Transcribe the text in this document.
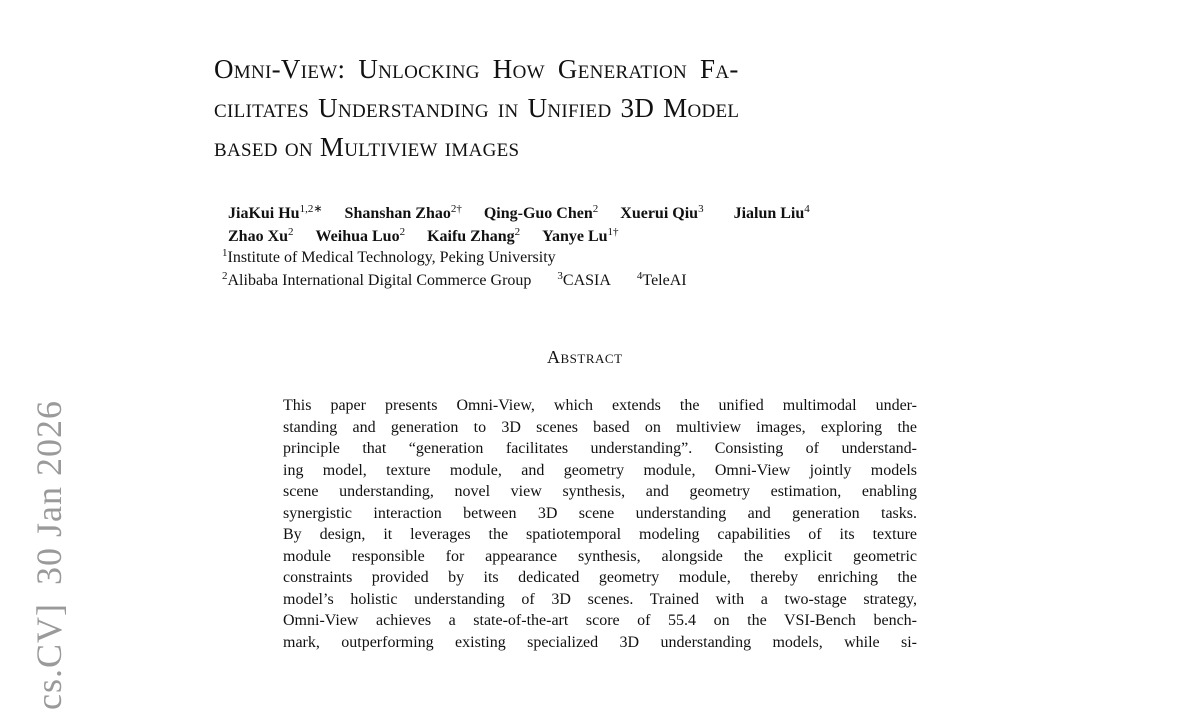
cs.CV]30 Jan 2026
Omni-View: Unlocking How Generation Fa-
cilitates Understanding in Unified 3D Model
based on Multiview images
JiaKui $Hu^{1,2∗}$ Shanshan Zhao$^{2\dagger}$ Qing-Guo Chen$^2$ Xuerui Qiu$^3$ Jialun Liu$^4$
Zhao Xu$^2$ Weihua Luo$^2$ Kaifu Zhang$^2$ Yanye $Lu^{1\dagger}$
$^1$Institute of Medical Technology, Peking University
$^2$Alibaba International Digital Commerce Group $^3$CASIA $^4$TeleAI
Abstract
This paper presents Omni-View, which extends the unified multimodal under-
standing and generation to 3D scenes based on multiview images, exploring the
principle that “generation facilitates understanding”. Consisting of understand-
ing model, texture module, and geometry module, Omni-View jointly models
scene understanding, novel view synthesis, and geometry estimation, enabling
synergistic interaction between 3D scene understanding and generation tasks.
By design, it leverages the spatiotemporal modeling capabilities of its texture
module responsible for appearance synthesis, alongside the explicit geometric
constraints provided by its dedicated geometry module, thereby enriching the
model’s holistic understanding of 3D scenes. Trained with a two-stage strategy,
Omni-View achieves a state-of-the-art score of 55.4 on the VSI-Bench bench-
mark, outperforming existing specialized 3D understanding models, while si-
